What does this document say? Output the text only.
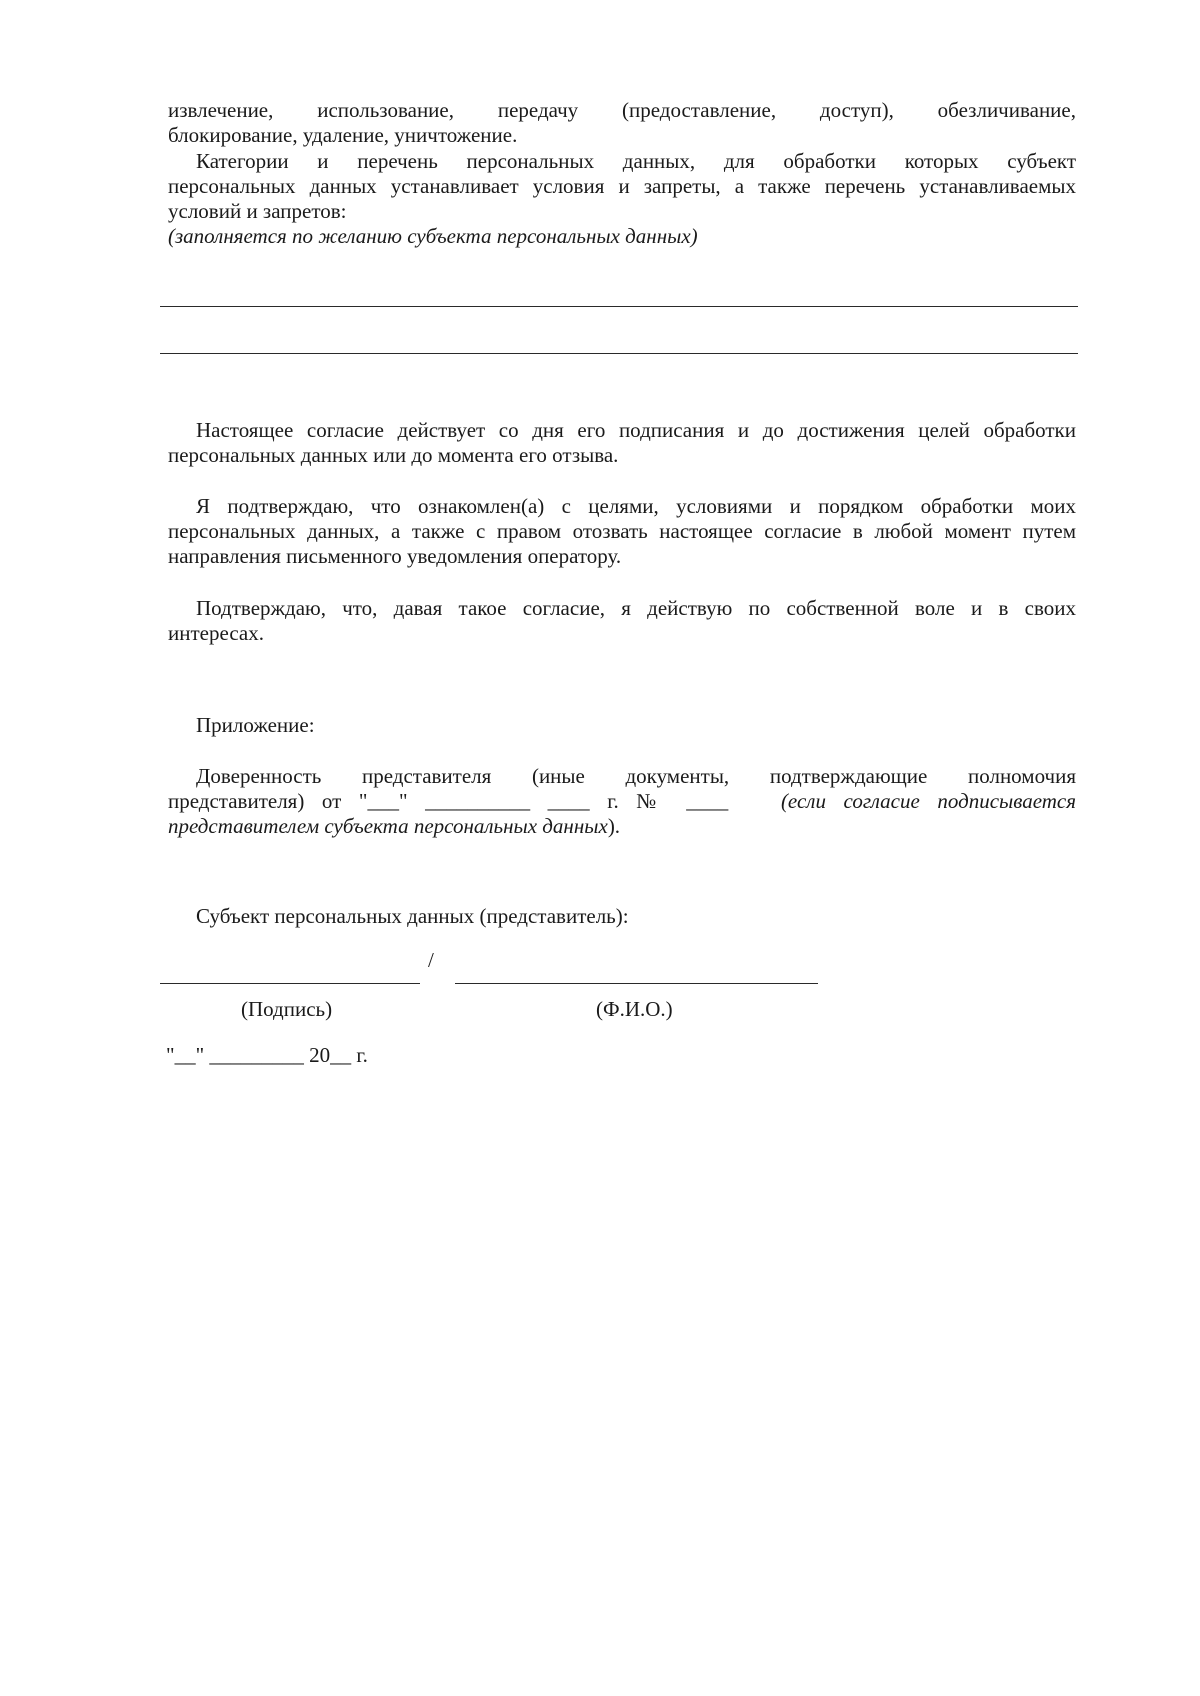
извлечение, использование, передачу (предоставление, доступ), обезличивание,
блокирование, удаление, уничтожение.
Категории и перечень персональных данных, для обработки которых субъект
персональных данных устанавливает условия и запреты, а также перечень устанавливаемых
условий и запретов:
(заполняется по желанию субъекта персональных данных)
Настоящее согласие действует со дня его подписания и до достижения целей обработки
персональных данных или до момента его отзыва.
Я подтверждаю, что ознакомлен(а) с целями, условиями и порядком обработки моих
персональных данных, а также с правом отозвать настоящее согласие в любой момент путем
направления письменного уведомления оператору.
Подтверждаю, что, давая такое согласие, я действую по собственной воле и в своих
интересах.
Приложение:
Доверенность представителя (иные документы, подтверждающие полномочия
представителя) от "___" __________ ____ г. № ____	(если согласие подписывается
представителем субъекта персональных данных).
Субъект персональных данных (представитель):
/
(Подпись)	(Ф.И.О.)
"__" _________ 20__ г.
